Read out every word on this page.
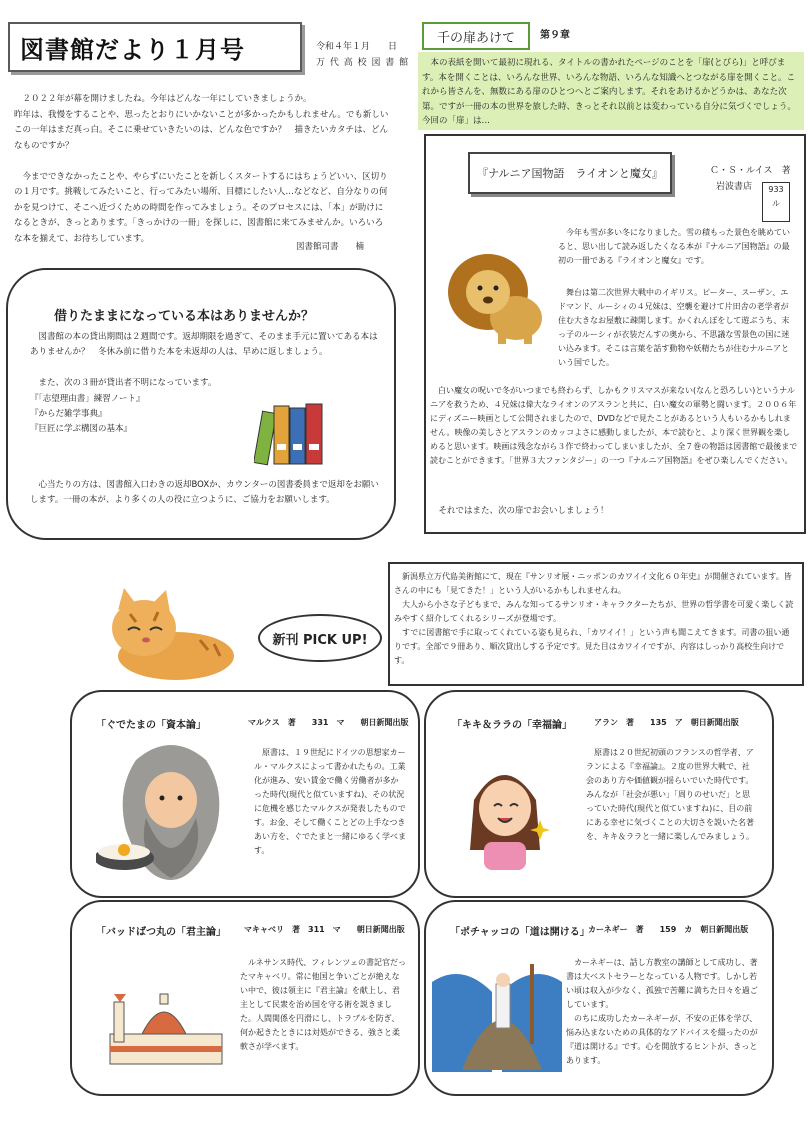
図書館だより１月号	令和４年１月　　日
万 代 高 校 図 書 館
　２０２２年が幕を開けましたね。今年はどんな一年にしていきましょうか。
昨年は、我慢をすることや、思ったとおりにいかないことが多かったかもしれません。でも新しいこの一年はまだ真っ白。そこに乗せていきたいのは、どんな色ですか？　描きたいカタチは、どんなものですか？

　今までできなかったことや、やらずにいたことを新しくスタートするにはちょうどいい、区切りの１月です。挑戦してみたいこと、行ってみたい場所、目標にしたい人…などなど、自分なりの何かを見つけて、そこへ近づくための時間を作ってみましょう。そのプロセスには、「本」が助けになるときが、きっとあります。「きっかけの一冊」を探しに、図書館に来てみませんか。いろいろな本を揃えて、お待ちしています。
図書館司書　　楠
借りたままになっている本はありませんか？
　図書館の本の貸出期間は２週間です。返却期限を過ぎて、そのまま手元に置いてある本はありませんか？　冬休み前に借りた本を未返却の人は、早めに返しましょう。
　また、次の３冊が貸出者不明になっています。
『「志望理由書」練習ノート』
『からだ雑学事典』
『巨匠に学ぶ構図の基本』
　心当たりの方は、図書館入口わきの返却BOXか、カウンターの図書委員まで返却をお願いします。一冊の本が、より多くの人の役に立つように、ご協力をお願いします。
千の扉あけて	第９章
　本の表紙を開いて最初に現れる、タイトルの書かれたページのことを「扉(とびら)」と呼びます。本を開くことは、いろんな世界、いろんな物語、いろんな知識へとつながる扉を開くこと。これから皆さんを、無数にある扉のひとつへとご案内します。それをあけるかどうかは、あなた次第。ですが一冊の本の世界を旅した時、きっとそれ以前とは変わっている自分に気づくでしょう。今回の「扉」は…
『ナルニア国物語　ライオンと魔女』	Ｃ・Ｓ・ルイス　著
岩波書店	933
ル
　今年も雪が多い冬になりました。雪の積もった景色を眺めていると、思い出して読み返したくなる本が『ナルニア国物語』の最初の一冊である『ライオンと魔女』です。
　舞台は第二次世界大戦中のイギリス。ピーター、スーザン、エドマンド、ルーシィの４兄妹は、空襲を避けて片田舎の老学者が住む大きなお屋敷に疎開します。かくれんぼをして遊ぶうち、末っ子のルーシィが衣装だんすの奥から、不思議な雪景色の国に迷い込みます。そこは言葉を話す動物や妖精たちが住むナルニアという国でした。
　白い魔女の呪いで冬がいつまでも終わらず、しかもクリスマスが来ない(なんと恐ろしい)というナルニアを救うため、４兄妹は偉大なライオンのアスランと共に、白い魔女の軍勢と闘います。２００６年にディズニー映画として公開されましたので、DVDなどで見たことがあるという人もいるかもしれません。映像の美しさとアスランのカッコよさに感動しましたが、本で読むと、より深く世界観を楽しめると思います。映画は残念ながら３作で終わってしまいましたが、全７巻の物語は図書館で最後まで読むことができます。「世界３大ファンタジー」の一つ『ナルニア国物語』をぜひ楽しんでください。
　それではまた、次の扉でお会いしましょう！
新刊 PICK UP!
　新潟県立万代島美術館にて、現在『サンリオ展・ニッポンのカワイイ文化６０年史』が開催されています。皆さんの中にも「見てきた！」という人がいるかもしれませんね。
　大人から小さな子どもまで、みんな知ってるサンリオ・キャラクターたちが、世界の哲学書を可愛く楽しく読みやすく紹介してくれるシリーズが登場です。
　すでに図書館で手に取ってくれている姿も見られ、「カワイイ！」という声も聞こえてきます。司書の狙い通りです。全部で９冊あり、順次貸出しする予定です。見た目はカワイイですが、内容はしっかり高校生向けです。
「ぐでたまの「資本論」	マルクス　著　　331　マ　　朝日新聞出版
　原書は、１９世紀にドイツの思想家カール・マルクスによって書かれたもの。工業化が進み、安い賃金で働く労働者が多かった時代(現代と似ていますね)、その状況に危機を感じたマルクスが発表したものです。お金、そして働くことどの上手なつきあい方を、ぐでたまと一緒にゆるく学べます。
「キキ＆ララの「幸福論」	アラン　著　　135　ア　朝日新聞出版
　原書は２０世紀初頭のフランスの哲学者、アランによる『幸福論』。２度の世界大戦で、社会のあり方や価値観が揺らいでいた時代です。みんなが「社会が悪い」「周りのせいだ」と思っていた時代(現代と似ていますね)に、目の前にある幸せに気づくことの大切さを説いた名著を、キキ＆ララと一緒に楽しんでみましょう。
「バッドばつ丸の「君主論」 マキャベリ　著　311　マ　　朝日新聞出版
　ルネサンス時代、フィレンツェの書記官だったマキャベリ。常に他国と争いごとが絶えない中で、彼は領主に『君主論』を献上し、君主として民衆を治め国を守る術を説きました。人間関係を円滑にし、トラブルを防ぎ、何か起きたときには対処ができる、強さと柔軟さが学べます。
「ポチャッコの「道は開ける」
カーネギー　著　　159　カ　朝日新聞出版
　カーネギーは、話し方教室の講師として成功し、著書は大ベストセラーとなっている人物です。しかし若い頃は収入が少なく、孤独で苦難に満ちた日々を過ごしています。
　のちに成功したカーネギーが、不安の正体を学び、悩み込まないための具体的なアドバイスを綴ったのが『道は開ける』です。心を開放するヒントが、きっとあります。
